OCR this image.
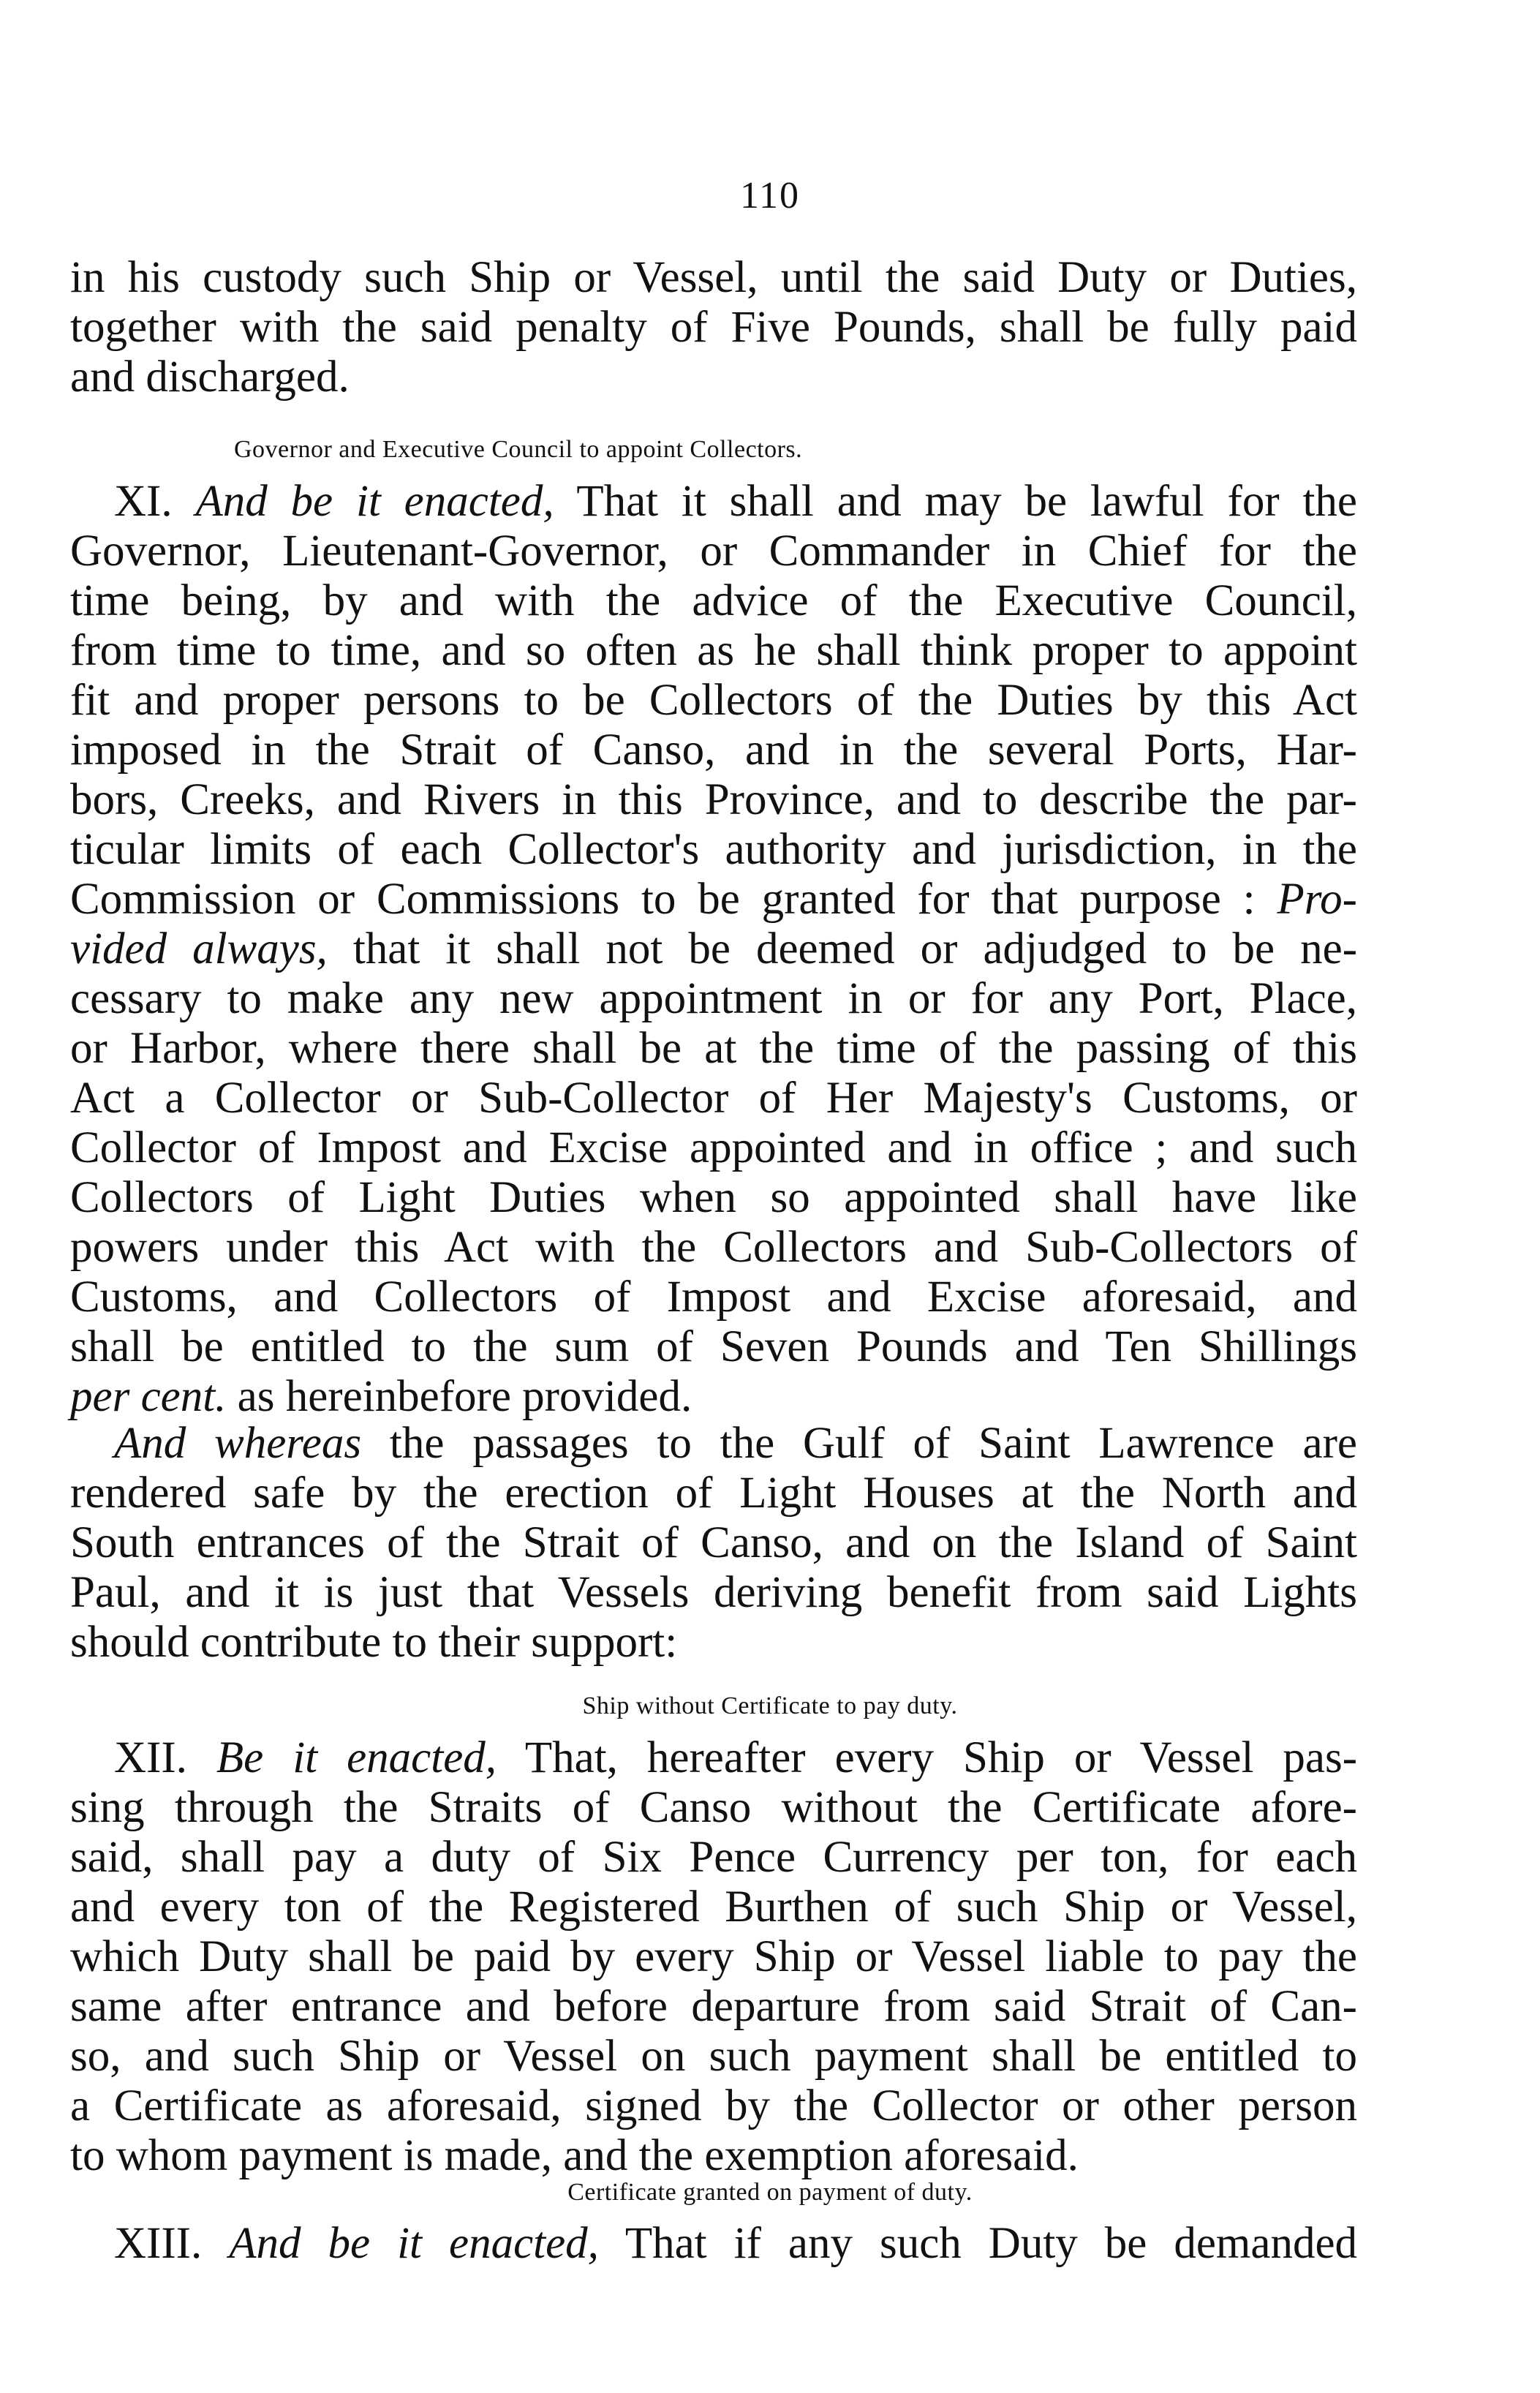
110
in his custody such Ship or Vessel, until the said Duty or Duties,
together with the said penalty of Five Pounds, shall be fully paid
and discharged.
Governor and Executive Council to appoint Collectors.
XI. And be it enacted, That it shall and may be lawful for the
Governor, Lieutenant-Governor, or Commander in Chief for the
time being, by and with the advice of the Executive Council,
from time to time, and so often as he shall think proper to appoint
fit and proper persons to be Collectors of the Duties by this Act
imposed in the Strait of Canso, and in the several Ports, Har-
bors, Creeks, and Rivers in this Province, and to describe the par-
ticular limits of each Collector's authority and jurisdiction, in the
Commission or Commissions to be granted for that purpose : Pro-
vided always, that it shall not be deemed or adjudged to be ne-
cessary to make any new appointment in or for any Port, Place,
or Harbor, where there shall be at the time of the passing of this
Act a Collector or Sub-Collector of Her Majesty's Customs, or
Collector of Impost and Excise appointed and in office ; and such
Collectors of Light Duties when so appointed shall have like
powers under this Act with the Collectors and Sub-Collectors of
Customs, and Collectors of Impost and Excise aforesaid, and
shall be entitled to the sum of Seven Pounds and Ten Shillings
per cent. as hereinbefore provided.
And whereas the passages to the Gulf of Saint Lawrence are
rendered safe by the erection of Light Houses at the North and
South entrances of the Strait of Canso, and on the Island of Saint
Paul, and it is just that Vessels deriving benefit from said Lights
should contribute to their support:
Ship without Certificate to pay duty.
XII. Be it enacted, That, hereafter every Ship or Vessel pas-
sing through the Straits of Canso without the Certificate afore-
said, shall pay a duty of Six Pence Currency per ton, for each
and every ton of the Registered Burthen of such Ship or Vessel,
which Duty shall be paid by every Ship or Vessel liable to pay the
same after entrance and before departure from said Strait of Can-
so, and such Ship or Vessel on such payment shall be entitled to
a Certificate as aforesaid, signed by the Collector or other person
to whom payment is made, and the exemption aforesaid.
Certificate granted on payment of duty.
XIII. And be it enacted, That if any such Duty be demanded
